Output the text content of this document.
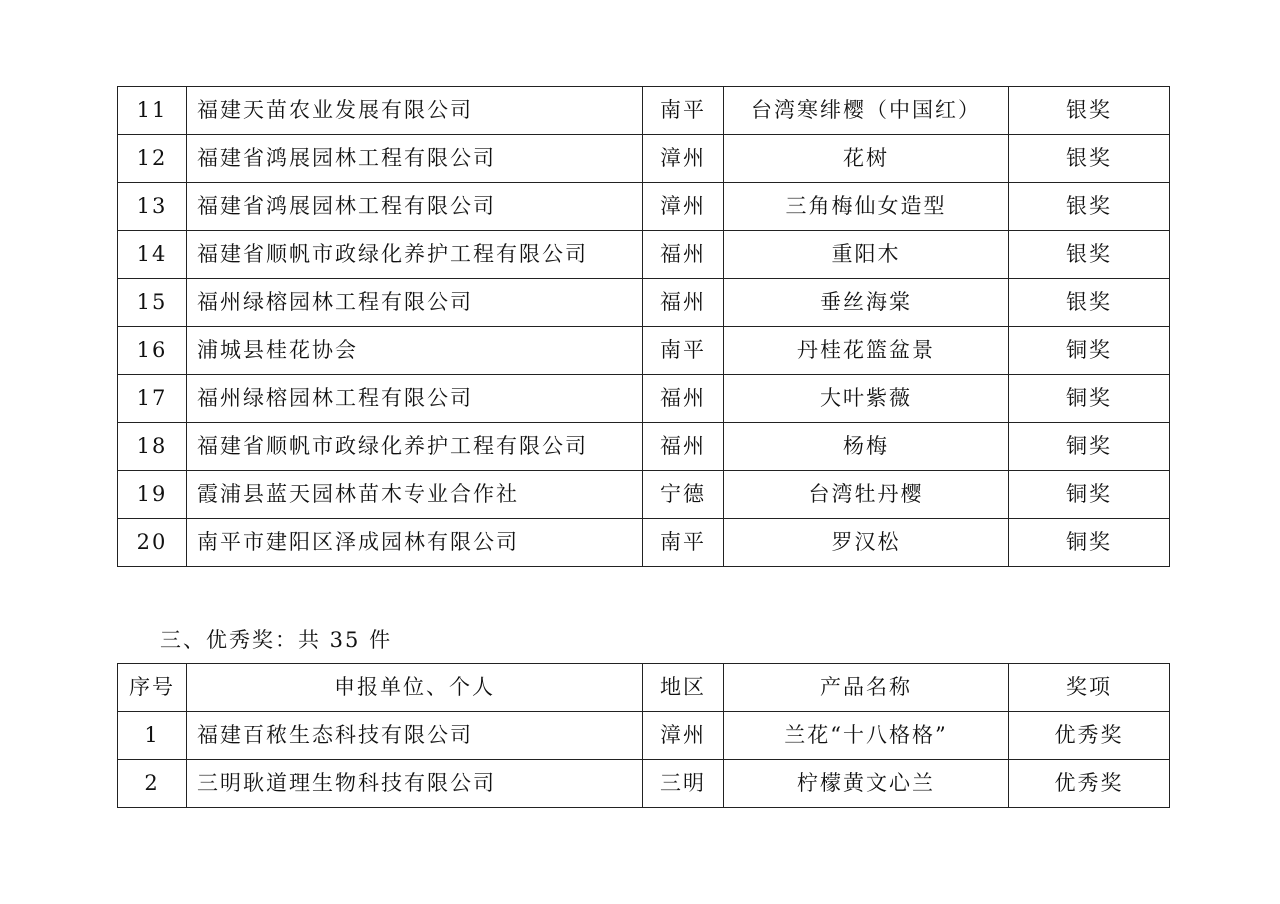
11	福建天苗农业发展有限公司	南平	台湾寒绯樱（中国红）	银奖
12	福建省鸿展园林工程有限公司	漳州	花树	银奖
13	福建省鸿展园林工程有限公司	漳州	三角梅仙女造型	银奖
14	福建省顺帆市政绿化养护工程有限公司	福州	重阳木	银奖
15	福州绿榕园林工程有限公司	福州	垂丝海棠	银奖
16	浦城县桂花协会	南平	丹桂花篮盆景	铜奖
17	福州绿榕园林工程有限公司	福州	大叶紫薇	铜奖
18	福建省顺帆市政绿化养护工程有限公司	福州	杨梅	铜奖
19	霞浦县蓝天园林苗木专业合作社	宁德	台湾牡丹樱	铜奖
20	南平市建阳区泽成园林有限公司	南平	罗汉松	铜奖
三、优秀奖：共 35 件
序号	申报单位、个人	地区	产品名称	奖项
1	福建百秾生态科技有限公司	漳州	兰花“十八格格”	优秀奖
2	三明耿道理生物科技有限公司	三明	柠檬黄文心兰	优秀奖
